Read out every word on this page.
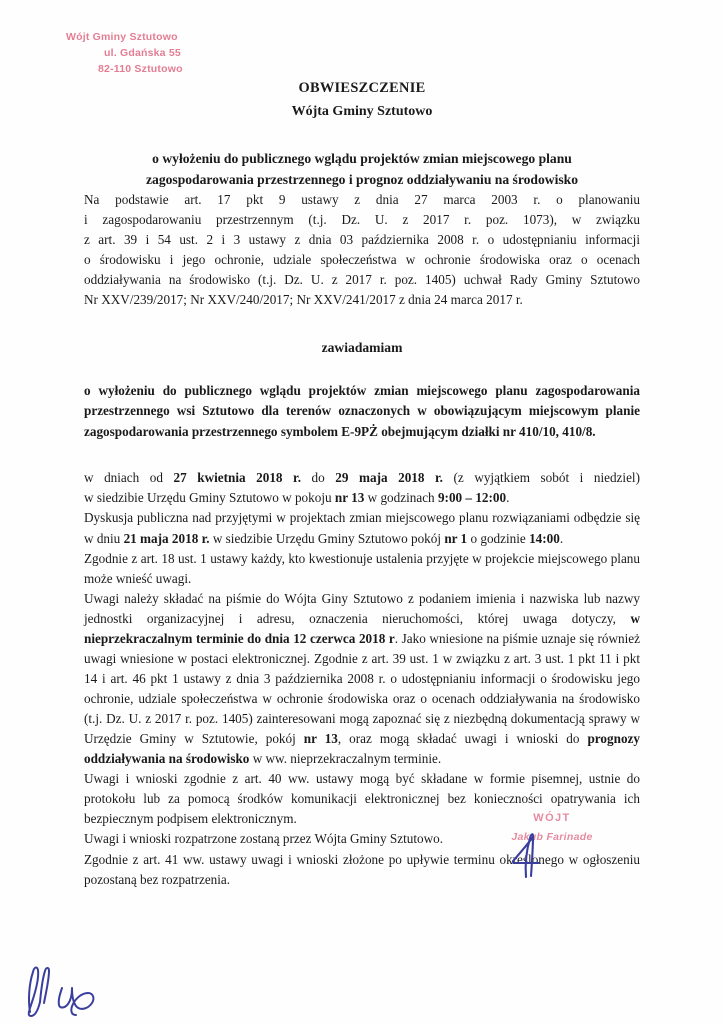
Wójt Gminy Sztutowo
ul. Gdańska 55
82-110 Sztutowo
OBWIESZCZENIE
Wójta Gminy Sztutowo
o wyłożeniu do publicznego wglądu projektów zmian miejscowego planu
zagospodarowania przestrzennego i prognoz oddziaływaniu na środowisko

Na podstawie art. 17 pkt 9 ustawy z dnia 27 marca 2003 r. o planowaniu
i zagospodarowaniu przestrzennym (t.j. Dz. U. z 2017 r. poz. 1073), w związku
z art. 39 i 54 ust. 2 i 3 ustawy z dnia 03 października 2008 r. o udostępnianiu informacji
o środowisku i jego ochronie, udziale społeczeństwa w ochronie środowiska oraz o ocenach
oddziaływania na środowisko (t.j. Dz. U. z 2017 r. poz. 1405) uchwał Rady Gminy Sztutowo
Nr XXV/239/2017; Nr XXV/240/2017; Nr XXV/241/2017 z dnia 24 marca 2017 r.

zawiadamiam

o wyłożeniu do publicznego wglądu projektów zmian miejscowego planu zagospodarowania przestrzennego wsi Sztutowo dla terenów oznaczonych w obowiązującym miejscowym planie zagospodarowania przestrzennego symbolem E-9PŻ obejmującym działki nr 410/10, 410/8.

w dniach od 27 kwietnia 2018 r. do 29 maja 2018 r. (z wyjątkiem sobót i niedziel)

w siedzibie Urzędu Gminy Sztutowo w pokoju nr 13 w godzinach 9:00 – 12:00.

Dyskusja publiczna nad przyjętymi w projektach zmian miejscowego planu rozwiązaniami odbędzie się w dniu 21 maja 2018 r. w siedzibie Urzędu Gminy Sztutowo pokój nr 1 o godzinie 14:00.

Zgodnie z art. 18 ust. 1 ustawy każdy, kto kwestionuje ustalenia przyjęte w projekcie miejscowego planu może wnieść uwagi.

Uwagi należy składać na piśmie do Wójta Giny Sztutowo z podaniem imienia i nazwiska lub nazwy jednostki organizacyjnej i adresu, oznaczenia nieruchomości, której uwaga dotyczy, w nieprzekraczalnym terminie do dnia 12 czerwca 2018 r. Jako wniesione na piśmie uznaje się również uwagi wniesione w postaci elektronicznej. Zgodnie z art. 39 ust. 1 w związku z art. 3 ust. 1 pkt 11 i pkt 14 i art. 46 pkt 1 ustawy z dnia 3 października 2008 r. o udostępnianiu informacji o środowisku jego ochronie, udziale społeczeństwa w ochronie środowiska oraz o ocenach oddziaływania na środowisko (t.j. Dz. U. z 2017 r. poz. 1405) zainteresowani mogą zapoznać się z niezbędną dokumentacją sprawy w Urzędzie Gminy w Sztutowie, pokój nr 13, oraz mogą składać uwagi i wnioski do prognozy oddziaływania na środowisko w ww. nieprzekraczalnym terminie.

Uwagi i wnioski zgodnie z art. 40 ww. ustawy mogą być składane w formie pisemnej, ustnie do protokołu lub za pomocą środków komunikacji elektronicznej bez konieczności opatrywania ich bezpiecznym podpisem elektronicznym.

Uwagi i wnioski rozpatrzone zostaną przez Wójta Gminy Sztutowo.

Zgodnie z art. 41 ww. ustawy uwagi i wnioski złożone po upływie terminu określonego w ogłoszeniu pozostaną bez rozpatrzenia.

WÓJT
Jakub Farinade
